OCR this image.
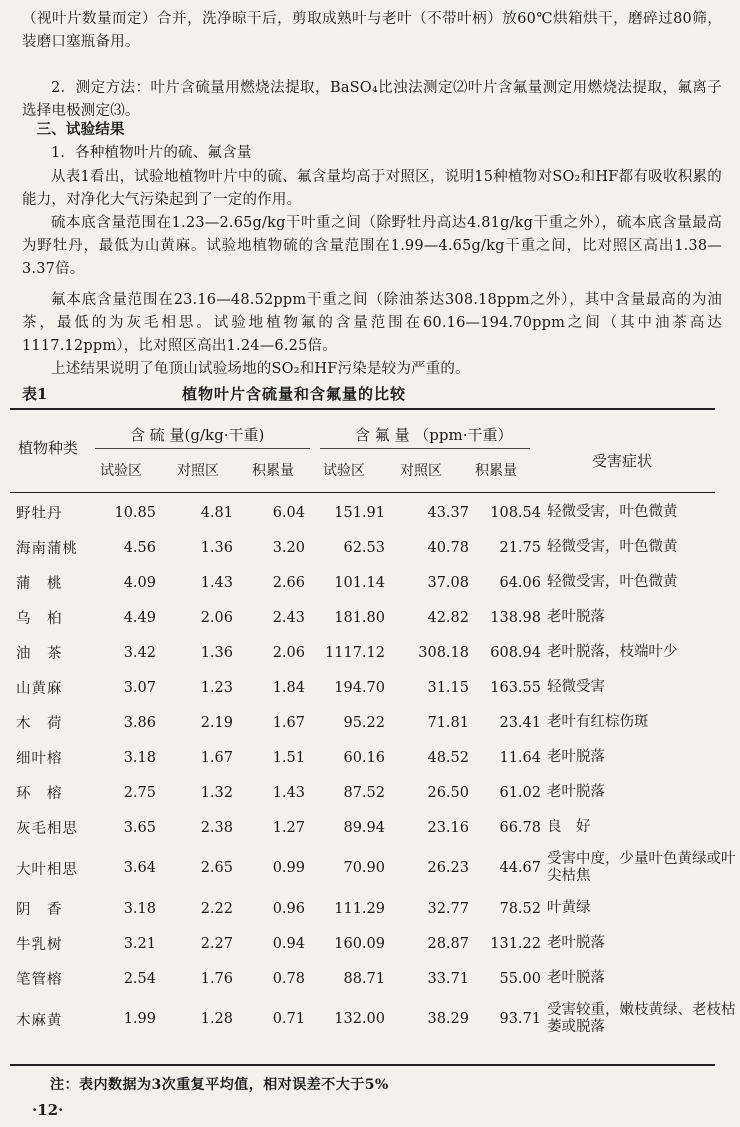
（视叶片数量而定）合并，洗净晾干后，剪取成熟叶与老叶（不带叶柄）放60℃烘箱烘干，磨碎过80筛，装磨口塞瓶备用。

2．测定方法：叶片含硫量用燃烧法提取，BaSO₄比浊法测定⑵叶片含氟量测定用燃烧法提取，氟离子选择电极测定⑶。

三、试验结果

1．各种植物叶片的硫、氟含量

从表1看出，试验地植物叶片中的硫、氟含量均高于对照区，说明15种植物对SO₂和HF都有吸收积累的能力，对净化大气污染起到了一定的作用。

硫本底含量范围在1.23—2.65g/kg干叶重之间（除野牡丹高达4.81g/kg干重之外），硫本底含量最高为野牡丹，最低为山黄麻。试验地植物硫的含量范围在1.99—4.65g/kg干重之间，比对照区高出1.38—3.37倍。

氟本底含量范围在23.16—48.52ppm干重之间（除油茶达308.18ppm之外），其中含量最高的为油茶，最低的为灰毛相思。试验地植物氟的含量范围在60.16—194.70ppm之间（其中油茶高达1117.12ppm），比对照区高出1.24—6.25倍。

上述结果说明了龟顶山试验场地的SO₂和HF污染是较为严重的。

表1	植物叶片含硫量和含氟量的比较
植物种类
含 硫 量(g/kg·干重)	含 氟 量 （ppm·干重）
受害症状
试验区	对照区 积累量 试验区	对照区 积累量
野牡丹	10.85	4.81	6.04	151.91	43.37	108.54	轻微受害，叶色微黄
海南蒲桃	4.56	1.36	3.20	62.53	40.78	21.75	轻微受害，叶色微黄
蒲　桃	4.09	1.43	2.66	101.14	37.08	64.06	轻微受害，叶色微黄
乌　桕	4.49	2.06	2.43	181.80	42.82	138.98	老叶脱落
油　茶	3.42	1.36	2.06	1117.12	308.18	608.94	老叶脱落，枝端叶少
山黄麻	3.07	1.23	1.84	194.70	31.15	163.55	轻微受害
木　荷	3.86	2.19	1.67	95.22	71.81	23.41	老叶有红棕伤斑
细叶榕	3.18	1.67	1.51	60.16	48.52	11.64	老叶脱落
环　榕	2.75	1.32	1.43	87.52	26.50	61.02	老叶脱落
灰毛相思	3.65	2.38	1.27	89.94	23.16	66.78	良　好
大叶相思	3.64	2.65	0.99	70.90	26.23	44.67	受害中度，少量叶色黄绿或叶尖枯焦
阴　香	3.18	2.22	0.96	111.29	32.77	78.52	叶黄绿
牛乳树	3.21	2.27	0.94	160.09	28.87	131.22	老叶脱落
笔管榕	2.54	1.76	0.78	88.71	33.71	55.00	老叶脱落
木麻黄	1.99	1.28	0.71	132.00	38.29	93.71	受害较重，嫩枝黄绿、老枝枯萎或脱落
注：表内数据为3次重复平均值，相对误差不大于5%
·12·
